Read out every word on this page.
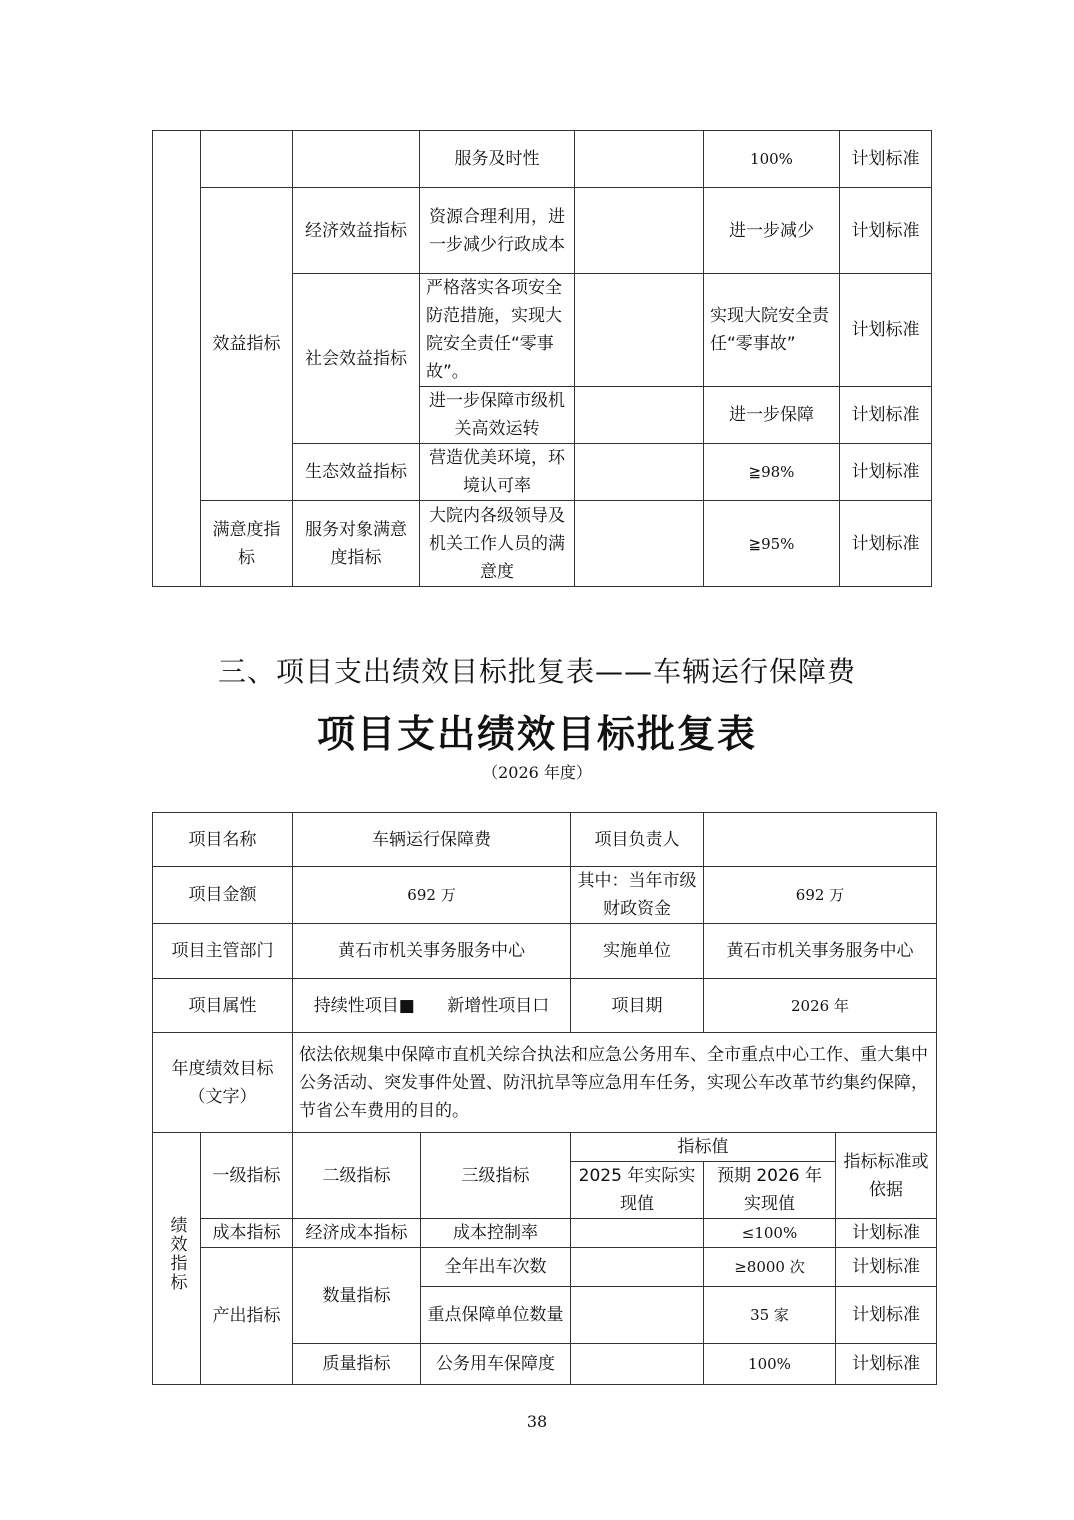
			服务及时性		100%	计划标准
	效益指标	经济效益指标	资源合理利用，进一步减少行政成本		进一步减少	计划标准
		社会效益指标	严格落实各项安全防范措施，实现大院安全责任“零事故”。		实现大院安全责任“零事故”	计划标准
			进一步保障市级机关高效运转		进一步保障	计划标准
		生态效益指标	营造优美环境，环境认可率		≧98%	计划标准
	满意度指标	服务对象满意度指标	大院内各级领导及机关工作人员的满意度		≧95%	计划标准
三、项目支出绩效目标批复表——车辆运行保障费
项目支出绩效目标批复表
（2026 年度）
项目名称		车辆运行保障费		项目负责人		
项目金额		692 万		其中：当年市级财政资金	692 万	
项目主管部门		黄石市机关事务服务中心		实施单位	黄石市机关事务服务中心	
项目属性		持续性项目■ 新增性项目口		项目期	2026 年	
年度绩效目标（文字）		依法依规集中保障市直机关综合执法和应急公务用车、全市重点中心工作、重大集中公务活动、突发事件处置、防汛抗旱等应急用车任务，实现公车改革节约集约保障，节省公车费用的目的。				
绩效指标	一级指标	二级指标	三级指标	指标值		指标标准或依据
				2025 年实际实现值	预期 2026 年实现值	
	成本指标	经济成本指标	成本控制率		≤100%	计划标准
	产出指标	数量指标	全年出车次数		≥8000 次	计划标准
			重点保障单位数量		35 家	计划标准
		质量指标	公务用车保障度		100%	计划标准
38
